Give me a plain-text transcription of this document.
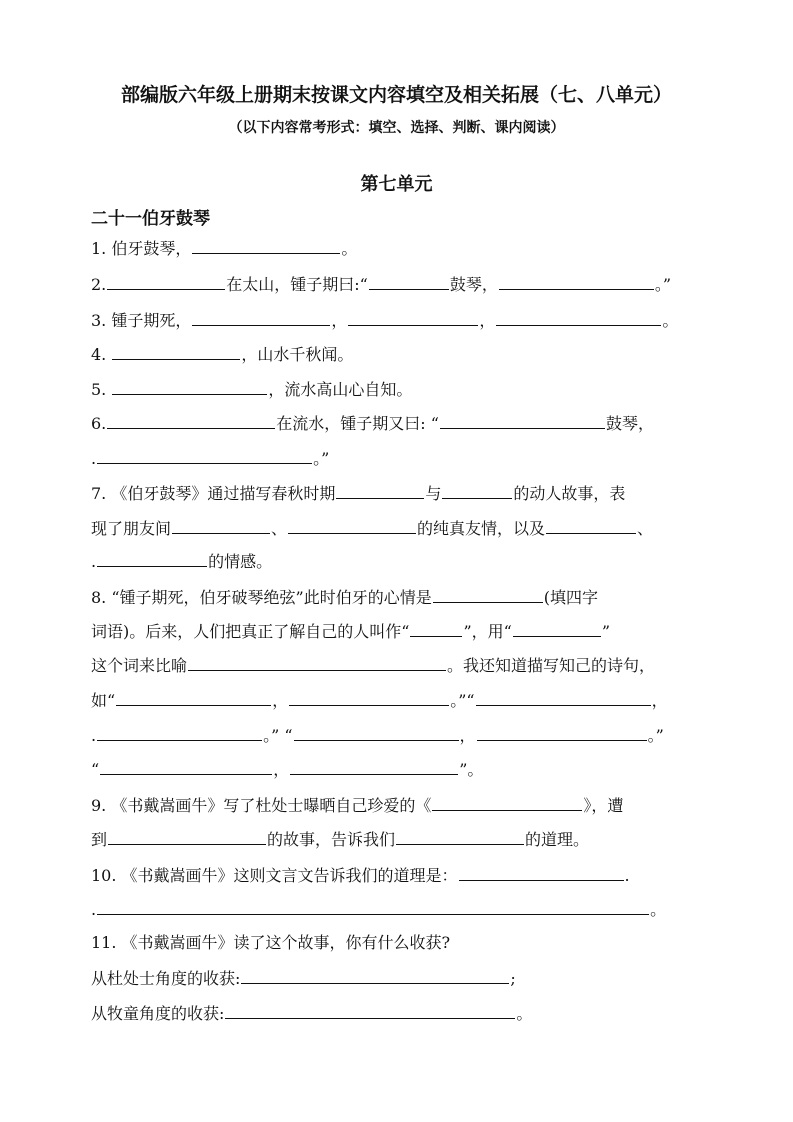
部编版六年级上册期末按课文内容填空及相关拓展（七、八单元）
（以下内容常考形式：填空、选择、判断、课内阅读）
第七单元
二十一伯牙鼓琴
1. 伯牙鼓琴，	。
2.	在太山，锺子期曰:“	鼓琴，	。”
3. 锺子期死，	，	，	。
4.	，山水千秋闻。
5.	，流水高山心自知。
6.	在流水，锺子期又曰: “	鼓琴，
.	。”
7. 《伯牙鼓琴》通过描写春秋时期	与	的动人故事，表
现了朋友间	、	的纯真友情，以及	、
.	的情感。
8. “锺子期死，伯牙破琴绝弦”此时伯牙的心情是	(填四字
词语)。后来，人们把真正了解自己的人叫作“	”，用“	”
这个词来比喻	。我还知道描写知己的诗句，
如“	，	。”“	，
.	。” “	，	。”
“	，	”。
9. 《书戴嵩画牛》写了杜处士曝晒自己珍爱的《	》，遭
到	的故事，告诉我们	的道理。
10. 《书戴嵩画牛》这则文言文告诉我们的道理是：	.
.	。
11. 《书戴嵩画牛》读了这个故事，你有什么收获?
从杜处士角度的收获:	;
从牧童角度的收获:	。
